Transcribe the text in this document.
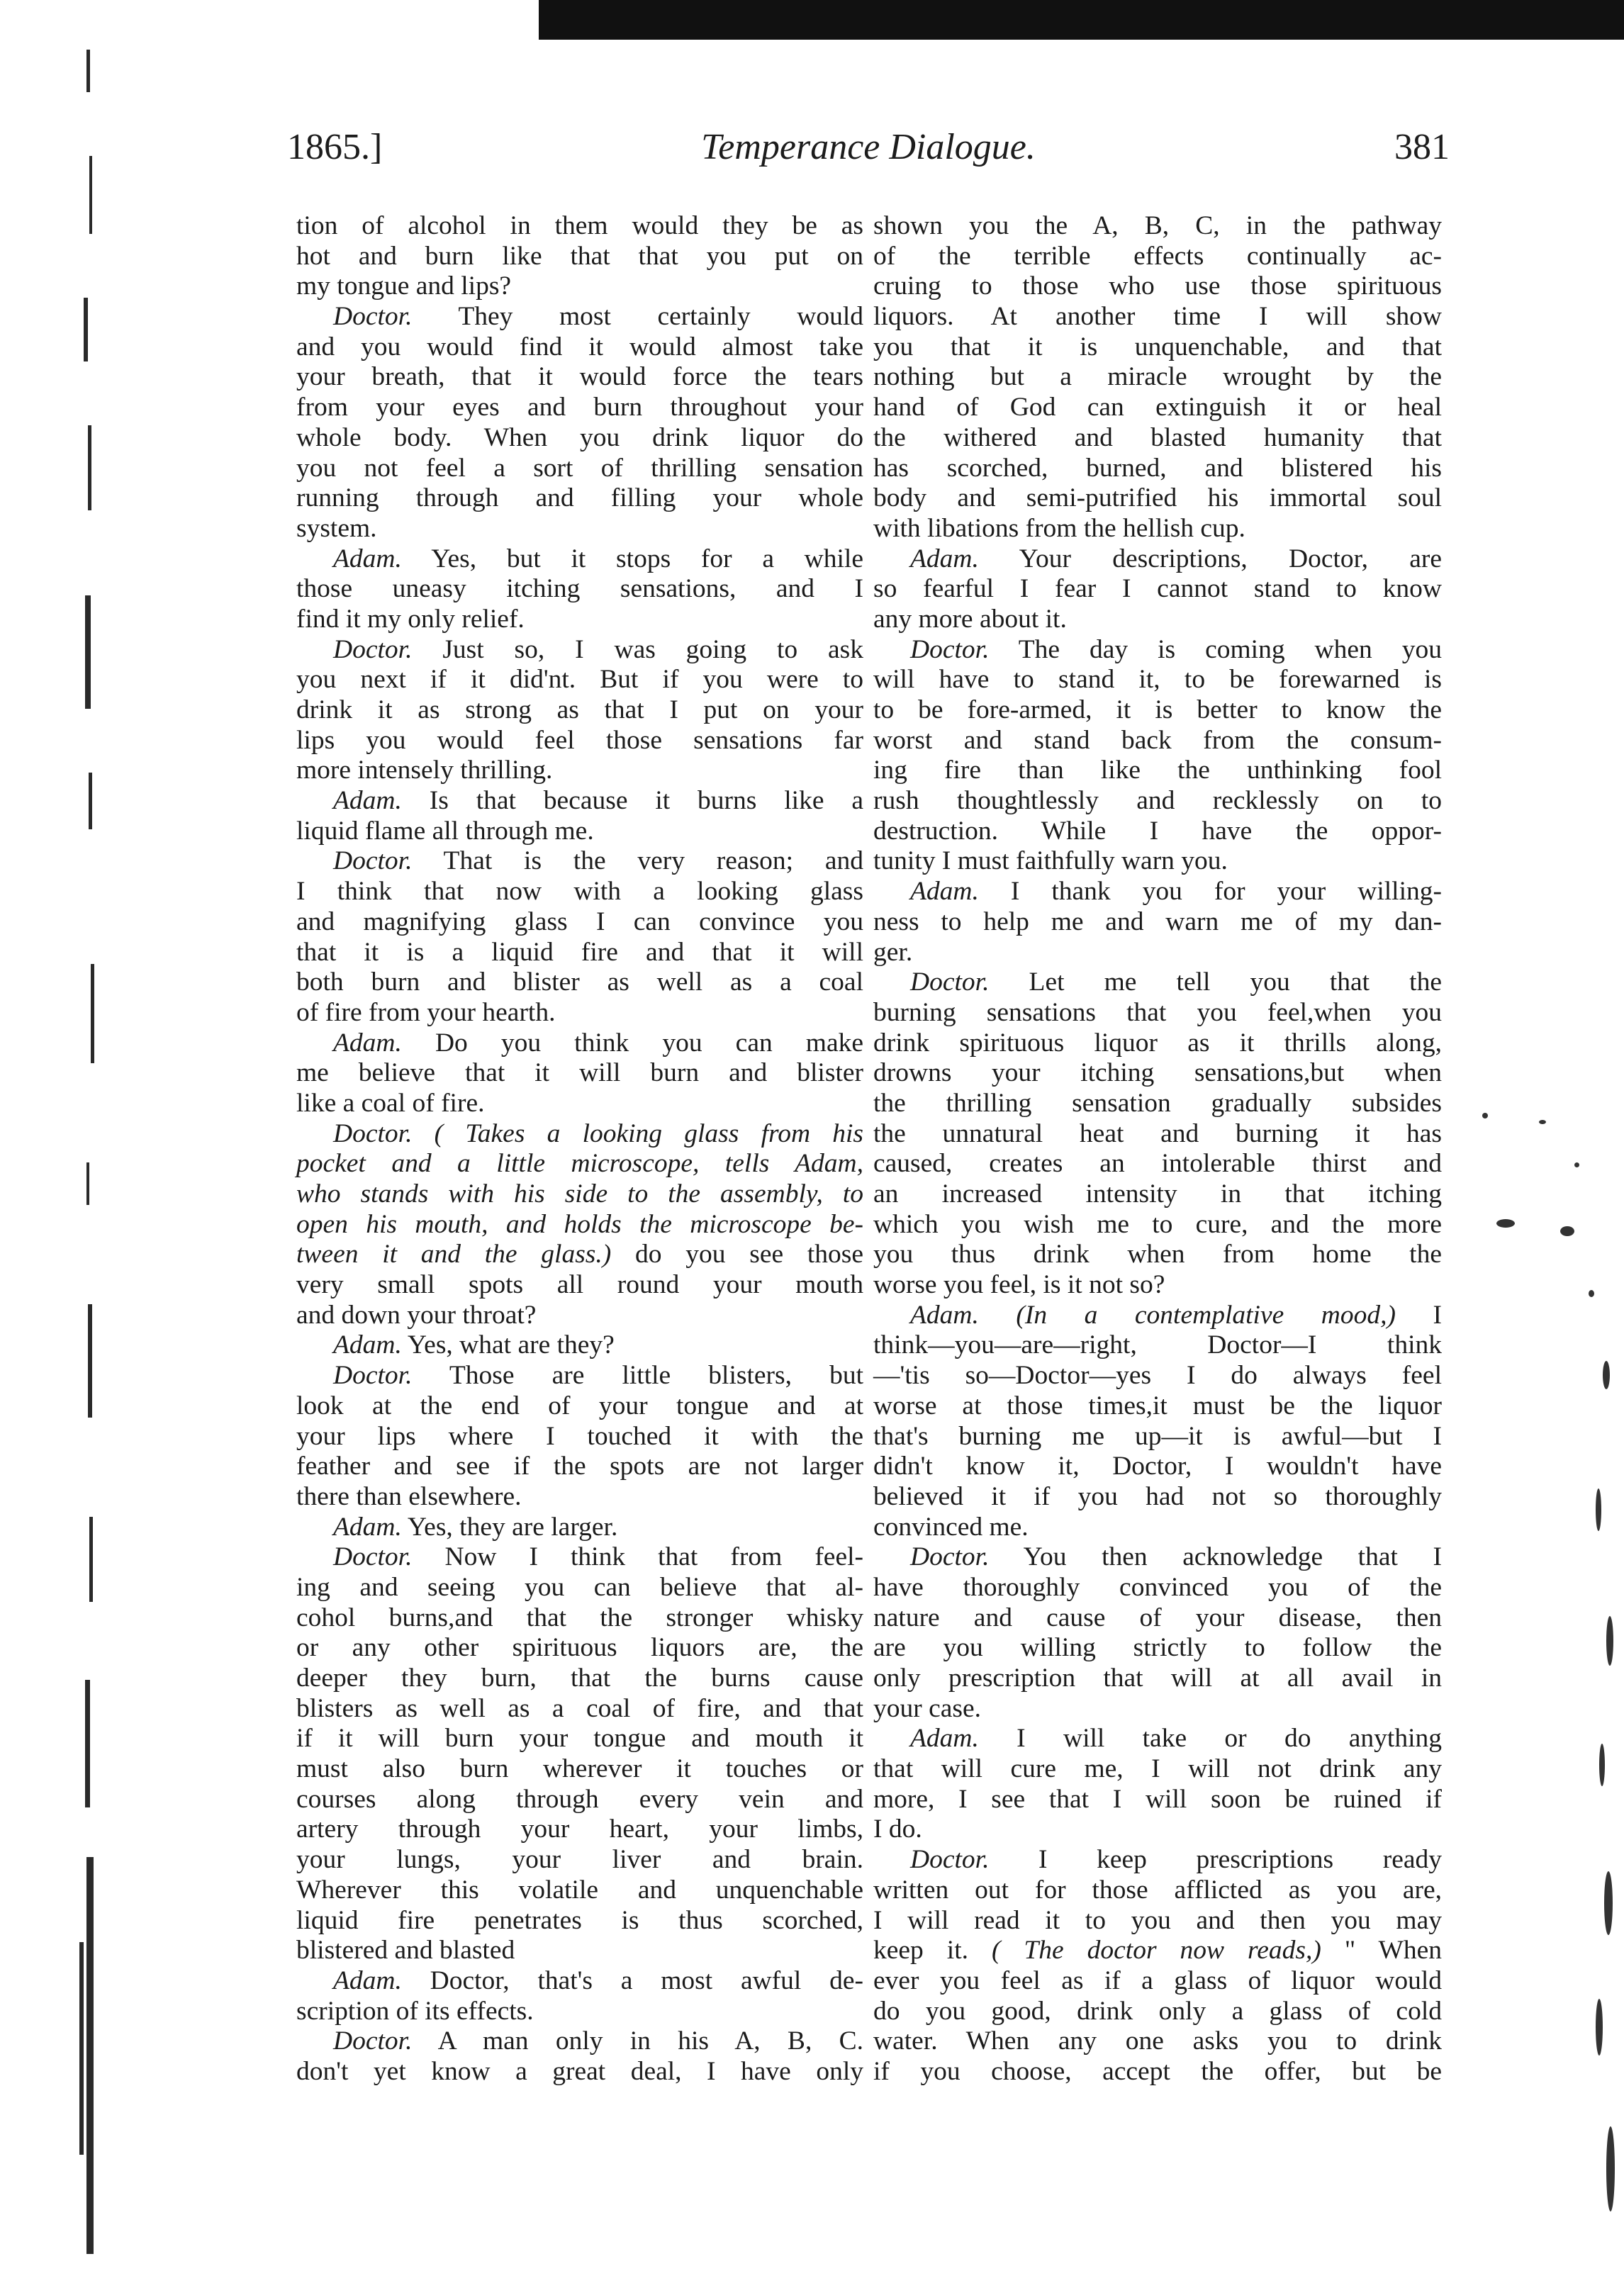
1865.]	Temperance Dialogue.	381
tion of alcohol in them would they be as
hot and burn like that that you put on
my tongue and lips?
Doctor. They most certainly would
and you would find it would almost take
your breath, that it would force the tears
from your eyes and burn throughout your
whole body. When you drink liquor do
you not feel a sort of thrilling sensation
running through and filling your whole
system.
Adam. Yes, but it stops for a while
those uneasy itching sensations, and I
find it my only relief.
Doctor. Just so, I was going to ask
you next if it did'nt. But if you were to
drink it as strong as that I put on your
lips you would feel those sensations far
more intensely thrilling.
Adam. Is that because it burns like a
liquid flame all through me.
Doctor. That is the very reason; and
I think that now with a looking glass
and magnifying glass I can convince you
that it is a liquid fire and that it will
both burn and blister as well as a coal
of fire from your hearth.
Adam. Do you think you can make
me believe that it will burn and blister
like a coal of fire.
Doctor. ( Takes a looking glass from his
pocket and a little microscope, tells Adam,
who stands with his side to the assembly, to
open his mouth, and holds the microscope be-
tween it and the glass.) do you see those
very small spots all round your mouth
and down your throat?
Adam. Yes, what are they?
Doctor. Those are little blisters, but
look at the end of your tongue and at
your lips where I touched it with the
feather and see if the spots are not larger
there than elsewhere.
Adam. Yes, they are larger.
Doctor. Now I think that from feel-
ing and seeing you can believe that al-
cohol burns,and that the stronger whisky
or any other spirituous liquors are, the
deeper they burn, that the burns cause
blisters as well as a coal of fire, and that
if it will burn your tongue and mouth it
must also burn wherever it touches or
courses along through every vein and
artery through your heart, your limbs,
your lungs, your liver and brain.
Wherever this volatile and unquenchable
liquid fire penetrates is thus scorched,
blistered and blasted
Adam. Doctor, that's a most awful de-
scription of its effects.
Doctor. A man only in his A, B, C.
don't yet know a great deal, I have only
shown you the A, B, C, in the pathway
of the terrible effects continually ac-
cruing to those who use those spirituous
liquors. At another time I will show
you that it is unquenchable, and that
nothing but a miracle wrought by the
hand of God can extinguish it or heal
the withered and blasted humanity that
has scorched, burned, and blistered his
body and semi-putrified his immortal soul
with libations from the hellish cup.
Adam. Your descriptions, Doctor, are
so fearful I fear I cannot stand to know
any more about it.
Doctor. The day is coming when you
will have to stand it, to be forewarned is
to be fore-armed, it is better to know the
worst and stand back from the consum-
ing fire than like the unthinking fool
rush thoughtlessly and recklessly on to
destruction. While I have the oppor-
tunity I must faithfully warn you.
Adam. I thank you for your willing-
ness to help me and warn me of my dan-
ger.
Doctor. Let me tell you that the
burning sensations that you feel,when you
drink spirituous liquor as it thrills along,
drowns your itching sensations,but when
the thrilling sensation gradually subsides
the unnatural heat and burning it has
caused, creates an intolerable thirst and
an increased intensity in that itching
which you wish me to cure, and the more
you thus drink when from home the
worse you feel, is it not so?
Adam. (In a contemplative mood,) I
think—you—are—right, Doctor—I think
—'tis so—Doctor—yes I do always feel
worse at those times,it must be the liquor
that's burning me up—it is awful—but I
didn't know it, Doctor, I wouldn't have
believed it if you had not so thoroughly
convinced me.
Doctor. You then acknowledge that I
have thoroughly convinced you of the
nature and cause of your disease, then
are you willing strictly to follow the
only prescription that will at all avail in
your case.
Adam. I will take or do anything
that will cure me, I will not drink any
more, I see that I will soon be ruined if
I do.
Doctor. I keep prescriptions ready
written out for those afflicted as you are,
I will read it to you and then you may
keep it. ( The doctor now reads,) " When
ever you feel as if a glass of liquor would
do you good, drink only a glass of cold
water. When any one asks you to drink
if you choose, accept the offer, but be
